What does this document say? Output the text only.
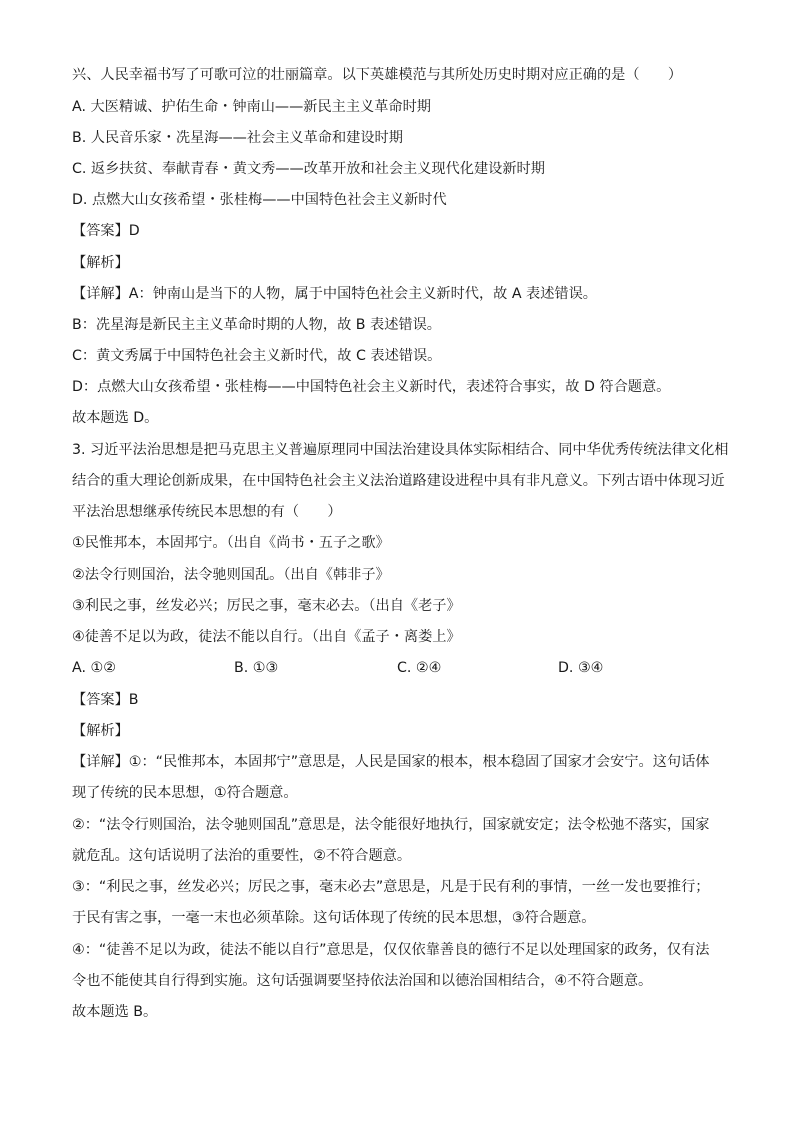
兴、人民幸福书写了可歌可泣的壮丽篇章。以下英雄模范与其所处历史时期对应正确的是（　　）
A. 大医精诚、护佑生命・钟南山——新民主主义革命时期
B. 人民音乐家・冼星海——社会主义革命和建设时期
C. 返乡扶贫、奉献青春・黄文秀——改革开放和社会主义现代化建设新时期
D. 点燃大山女孩希望・张桂梅——中国特色社会主义新时代
【答案】D
【解析】
【详解】A：钟南山是当下的人物，属于中国特色社会主义新时代，故 A 表述错误。
B：冼星海是新民主主义革命时期的人物，故 B 表述错误。
C：黄文秀属于中国特色社会主义新时代，故 C 表述错误。
D：点燃大山女孩希望・张桂梅——中国特色社会主义新时代，表述符合事实，故 D 符合题意。
故本题选 D。
3. 习近平法治思想是把马克思主义普遍原理同中国法治建设具体实际相结合、同中华优秀传统法律文化相
结合的重大理论创新成果，在中国特色社会主义法治道路建设进程中具有非凡意义。下列古语中体现习近
平法治思想继承传统民本思想的有（　　）
①民惟邦本，本固邦宁。（出自《尚书・五子之歌》
②法令行则国治，法令驰则国乱。（出自《韩非子》
③利民之事，丝发必兴；厉民之事，毫末必去。（出自《老子》
④徒善不足以为政，徒法不能以自行。（出自《孟子・离娄上》
A. ①②	B. ①③	C. ②④	D. ③④
【答案】B
【解析】
【详解】①：“民惟邦本，本固邦宁”意思是，人民是国家的根本，根本稳固了国家才会安宁。这句话体
现了传统的民本思想，①符合题意。
②：“法令行则国治，法令驰则国乱”意思是，法令能很好地执行，国家就安定；法令松弛不落实，国家
就危乱。这句话说明了法治的重要性，②不符合题意。
③：“利民之事，丝发必兴；厉民之事，毫末必去”意思是，凡是于民有利的事情，一丝一发也要推行；
于民有害之事，一毫一末也必须革除。这句话体现了传统的民本思想，③符合题意。
④：“徒善不足以为政，徒法不能以自行”意思是，仅仅依靠善良的德行不足以处理国家的政务，仅有法
令也不能使其自行得到实施。这句话强调要坚持依法治国和以德治国相结合，④不符合题意。
故本题选 B。
